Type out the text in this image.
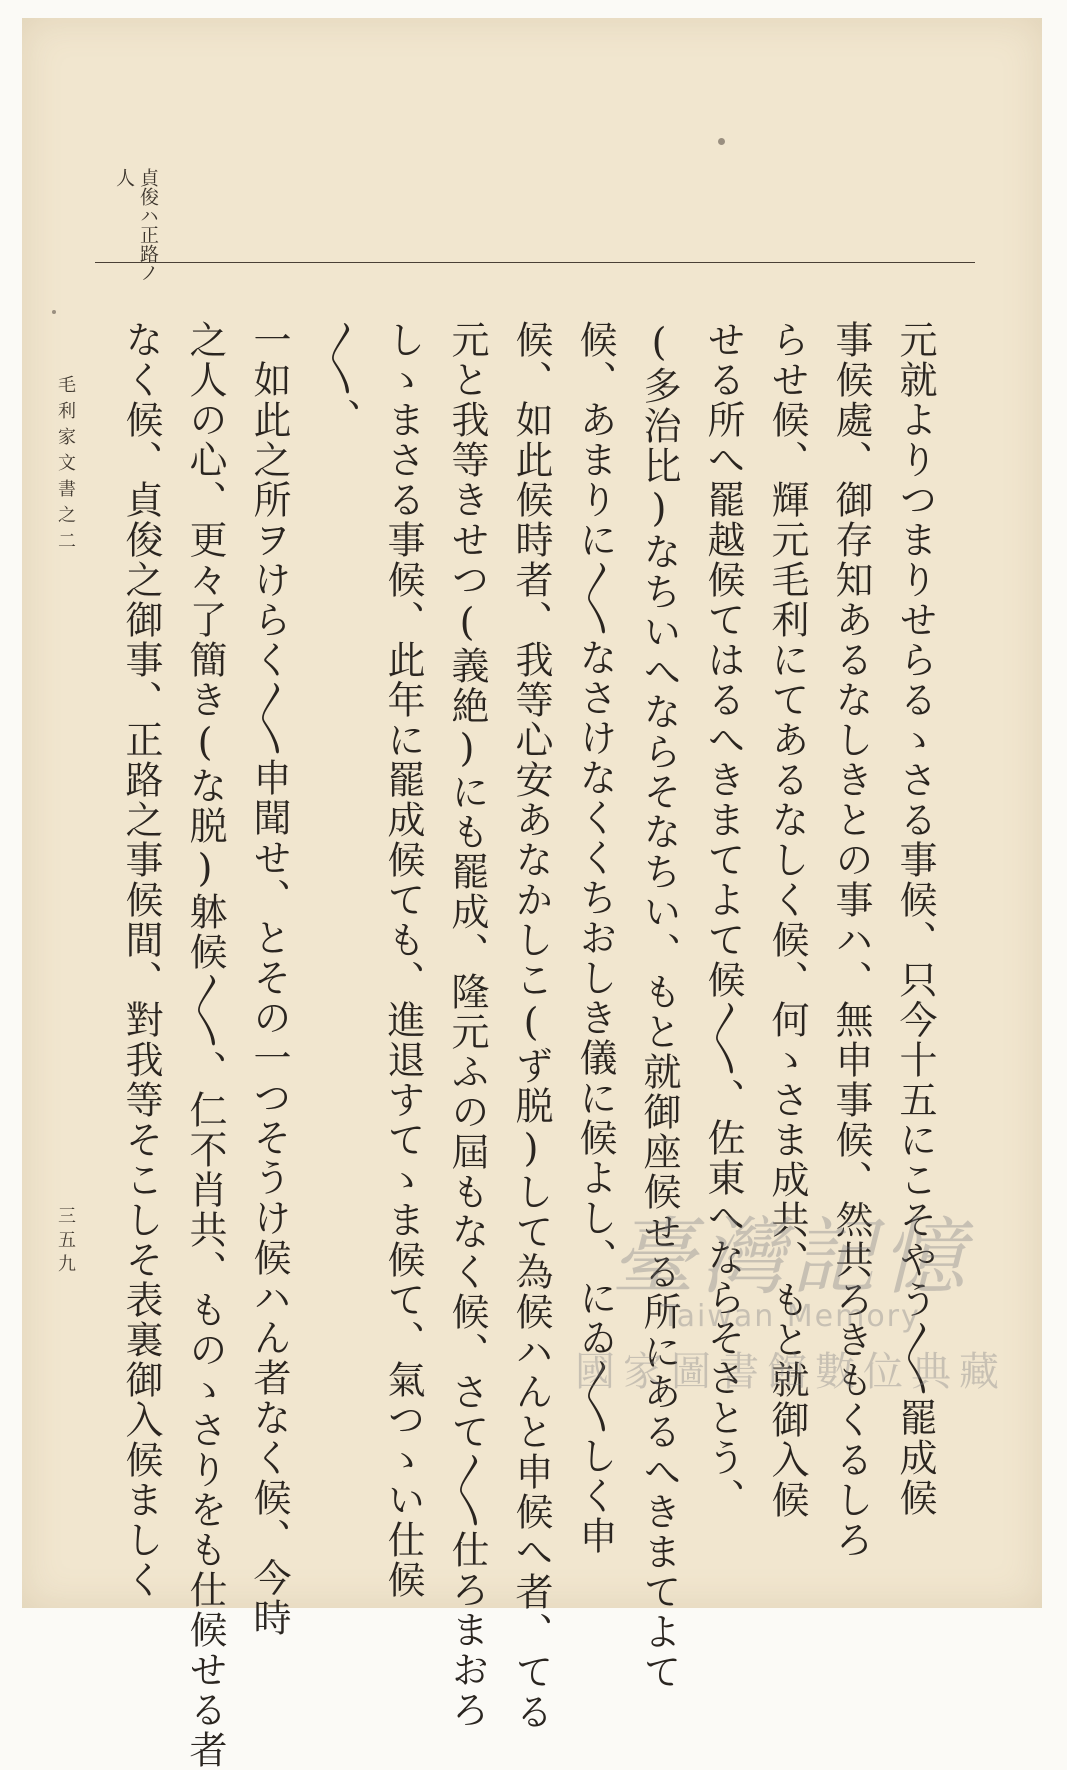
貞俊ハ正路ノ人
元就よりつまりせらるゝさる事候、只今十五にこそやう〳〵罷成候
事候處、御存知あるなしきとの事ハ、無申事候、然共ろきもくるしろ
らせ候、輝元毛利にてあるなしく候、何ゝさま成共、もと就御入候
せる所へ罷越候てはるへきまてよて候〳〵、佐東へならそさとう、
(多治比)なちいへならそなちい、もと就御座候せる所にあるへきまてよて
候、あまりに〳〵なさけなくくちおしき儀に候よし、にゐ〳〵しく申
候、如此候時者、我等心安あなかしこ(ず脱)して為候ハんと申候へ者、てる
元と我等きせつ(義絶)にも罷成、隆元ふの屆もなく候、さて〳〵仕ろまおろ
しゝまさる事候、此年に罷成候ても、進退すてゝま候て、氣つゝい仕候
〳〵、
一如此之所ヲけらく〳〵申聞せ、とその一つそうけ候ハん者なく候、今時
之人の心、更々了簡き(な脱)躰候〳〵、仁不肖共、ものゝさりをも仕候せる者
なく候、貞俊之御事、正路之事候間、對我等そこしそ表裏御入候ましく
毛利家文書之二
三五九	臺灣記憶
Taiwan Memory
國家圖書館數位典藏
